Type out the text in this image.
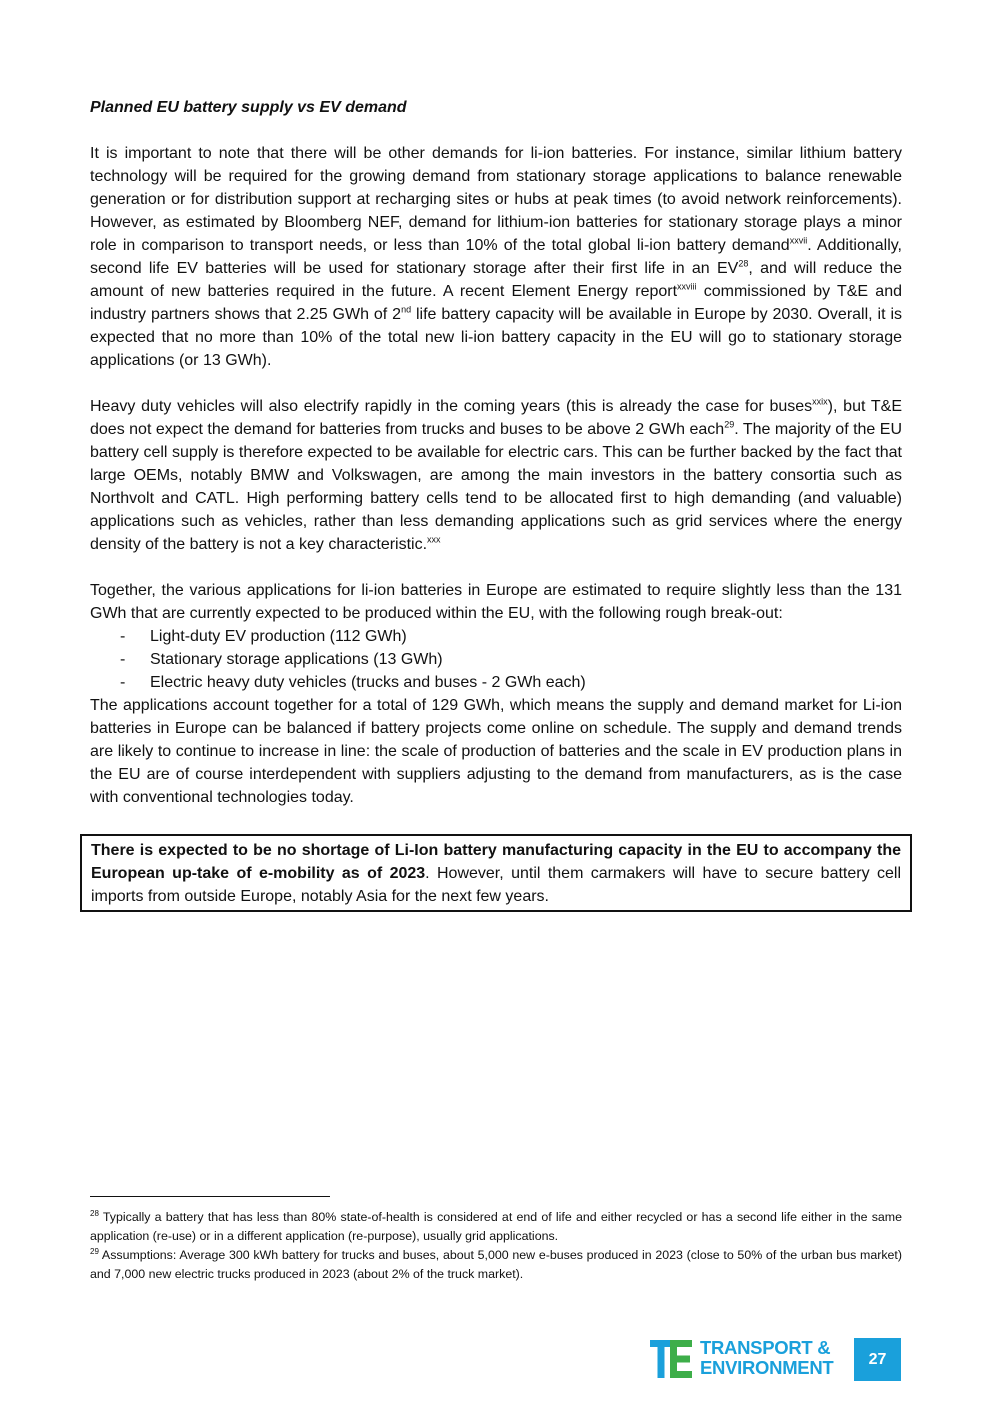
Planned EU battery supply vs EV demand

It is important to note that there will be other demands for li-ion batteries. For instance, similar lithium battery technology will be required for the growing demand from stationary storage applications to balance renewable generation or for distribution support at recharging sites or hubs at peak times (to avoid network reinforcements). However, as estimated by Bloomberg NEF, demand for lithium-ion batteries for stationary storage plays a minor role in comparison to transport needs, or less than 10% of the total global li-ion battery demand$^{xxvii}$. Additionally, second life EV batteries will be used for stationary storage after their first life in an EV$^{28}$, and will reduce the amount of new batteries required in the future. A recent Element Energy report$^{xxviii}$ commissioned by T&E and industry partners shows that 2.25 GWh of 2nd life battery capacity will be available in Europe by 2030. Overall, it is expected that no more than 10% of the total new li-ion battery capacity in the EU will go to stationary storage applications (or 13 GWh).

Heavy duty vehicles will also electrify rapidly in the coming years (this is already the case for buses$^{xxix}$), but T&E does not expect the demand for batteries from trucks and buses to be above 2 GWh each$^{29}$. The majority of the EU battery cell supply is therefore expected to be available for electric cars. This can be further backed by the fact that large OEMs, notably BMW and Volkswagen, are among the main investors in the battery consortia such as Northvolt and CATL. High performing battery cells tend to be allocated first to high demanding (and valuable) applications such as vehicles, rather than less demanding applications such as grid services where the energy density of the battery is not a key characteristic.$^{xxx}$

Together, the various applications for li-ion batteries in Europe are estimated to require slightly less than the 131 GWh that are currently expected to be produced within the EU, with the following rough break-out:

- Light-duty EV production (112 GWh)
- Stationary storage applications (13 GWh)
- Electric heavy duty vehicles (trucks and buses - 2 GWh each)

The applications account together for a total of 129 GWh, which means the supply and demand market for Li-ion batteries in Europe can be balanced if battery projects come online on schedule. The supply and demand trends are likely to continue to increase in line: the scale of production of batteries and the scale in EV production plans in the EU are of course interdependent with suppliers adjusting to the demand from manufacturers, as is the case with conventional technologies today.

There is expected to be no shortage of Li-Ion battery manufacturing capacity in the EU to accompany the European up-take of e-mobility as of 2023. However, until them carmakers will have to secure battery cell imports from outside Europe, notably Asia for the next few years.

$^{28}$ Typically a battery that has less than 80% state-of-health is considered at end of life and either recycled or has a second life either in the same application (re-use) or in a different application (re-purpose), usually grid applications.

$^{29}$ Assumptions: Average 300 kWh battery for trucks and buses, about 5,000 new e-buses produced in 2023 (close to 50% of the urban bus market) and 7,000 new electric trucks produced in 2023 (about 2% of the truck market).

TRANSPORT &
ENVIRONMENT	27
